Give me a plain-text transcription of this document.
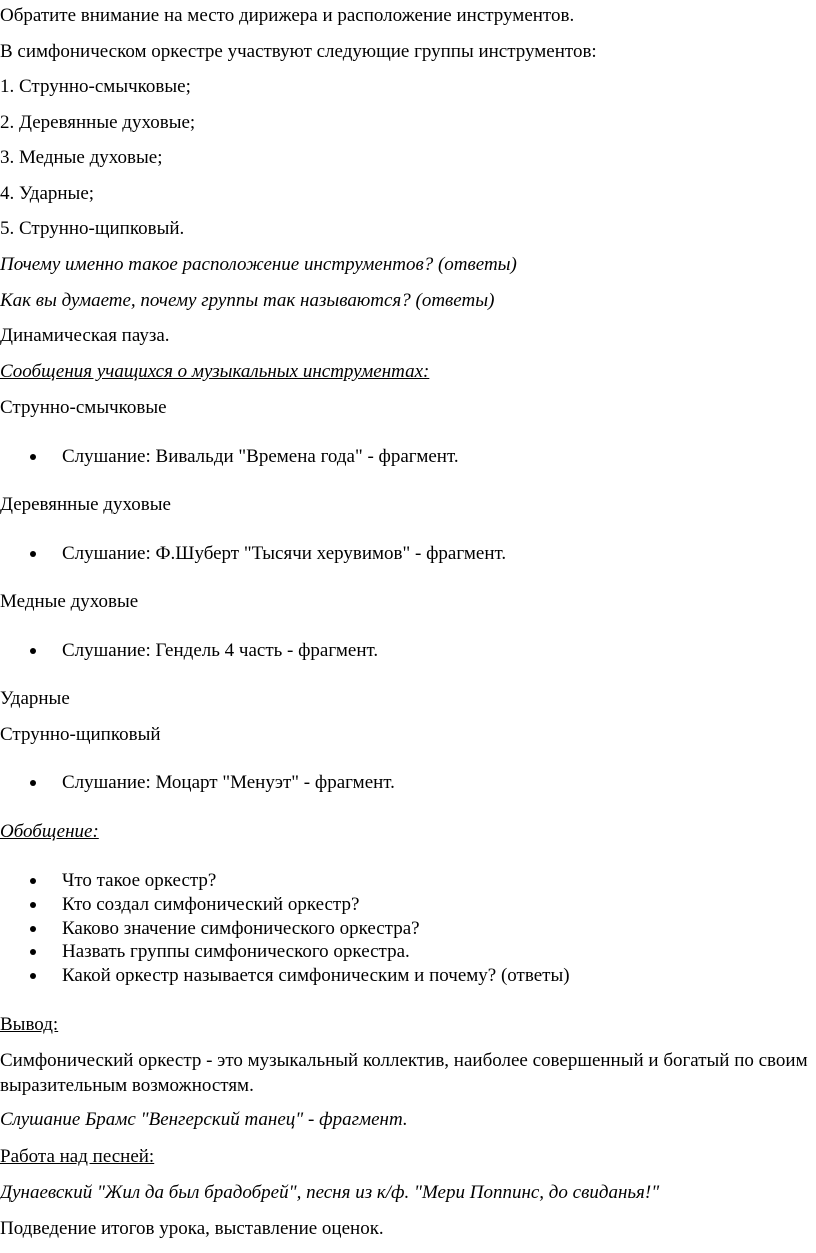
Обратите внимание на место дирижера и расположение инструментов.

В симфоническом оркестре участвуют следующие группы инструментов:

1. Струнно-смычковые;

2. Деревянные духовые;

3. Медные духовые;

4. Ударные;

5. Струнно-щипковый.

Почему именно такое расположение инструментов? (ответы)

Как вы думаете, почему группы так называются? (ответы)

Динамическая пауза.

Сообщения учащихся о музыкальных инструментах:

Струнно-смычковые

Слушание: Вивальди "Времена года" - фрагмент.

Деревянные духовые

Слушание: Ф.Шуберт "Тысячи херувимов" - фрагмент.

Медные духовые

Слушание: Гендель 4 часть - фрагмент.

Ударные

Струнно-щипковый

Слушание: Моцарт "Менуэт" - фрагмент.

Обобщение:

Что такое оркестр?
Кто создал симфонический оркестр?
Каково значение симфонического оркестра?
Назвать группы симфонического оркестра.
Какой оркестр называется симфоническим и почему? (ответы)

Вывод:

Симфонический оркестр - это музыкальный коллектив, наиболее совершенный и богатый по своим выразительным возможностям.

Слушание Брамс "Венгерский танец" - фрагмент.

Работа над песней:

Дунаевский "Жил да был брадобрей", песня из к/ф. "Мери Поппинс, до свиданья!"

Подведение итогов урока, выставление оценок.
